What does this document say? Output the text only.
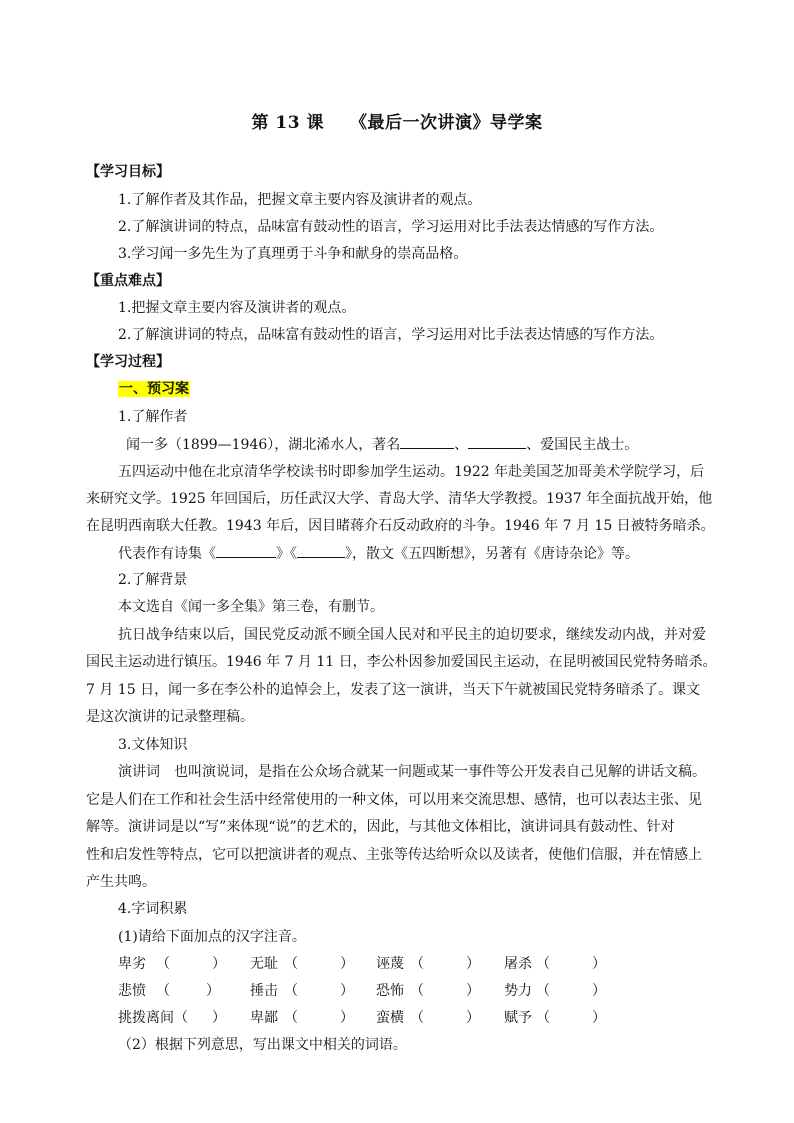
第 13 课 《最后一次讲演》导学案
【学习目标】
1.了解作者及其作品，把握文章主要内容及演讲者的观点。
2.了解演讲词的特点，品味富有鼓动性的语言，学习运用对比手法表达情感的写作方法。
3.学习闻一多先生为了真理勇于斗争和献身的崇高品格。
【重点难点】
1.把握文章主要内容及演讲者的观点。
2.了解演讲词的特点，品味富有鼓动性的语言，学习运用对比手法表达情感的写作方法。
【学习过程】
一、预习案
1.了解作者
闻一多（1899—1946），湖北浠水人，著名	、	、爱国民主战士。
五四运动中他在北京清华学校读书时即参加学生运动。1922 年赴美国芝加哥美术学院学习，后
来研究文学。1925 年回国后，历任武汉大学、青岛大学、清华大学教授。1937 年全面抗战开始，他
在昆明西南联大任教。1943 年后，因目睹蒋介石反动政府的斗争。1946 年 7 月 15 日被特务暗杀。
代表作有诗集《	》《	》，散文《五四断想》，另著有《唐诗杂论》等。
2.了解背景
本文选自《闻一多全集》第三卷，有删节。
抗日战争结束以后，国民党反动派不顾全国人民对和平民主的迫切要求，继续发动内战，并对爱
国民主运动进行镇压。1946 年 7 月 11 日，李公朴因参加爱国民主运动，在昆明被国民党特务暗杀。
7 月 15 日，闻一多在李公朴的追悼会上，发表了这一演讲，当天下午就被国民党特务暗杀了。课文
是这次演讲的记录整理稿。
3.文体知识
演讲词　也叫演说词，是指在公众场合就某一问题或某一事件等公开发表自己见解的讲话文稿。
它是人们在工作和社会生活中经常使用的一种文体，可以用来交流思想、感情，也可以表达主张、见
解等。演讲词是以“写”来体现“说”的艺术的，因此，与其他文体相比，演讲词具有鼓动性、针对
性和启发性等特点，它可以把演讲者的观点、主张等传达给听众以及读者，使他们信服，并在情感上
产生共鸣。
4.字词积累
(1)请给下面加点的汉字注音。
卑劣 （	） 无耻 （	） 诬蔑 （	） 屠杀 （	）
悲愤 （	） 捶击 （	） 恐怖 （	） 势力 （	）
挑拨离间 （ ） 卑鄙 （	） 蛮横 （	） 赋予 （	）
（2）根据下列意思，写出课文中相关的词语。
